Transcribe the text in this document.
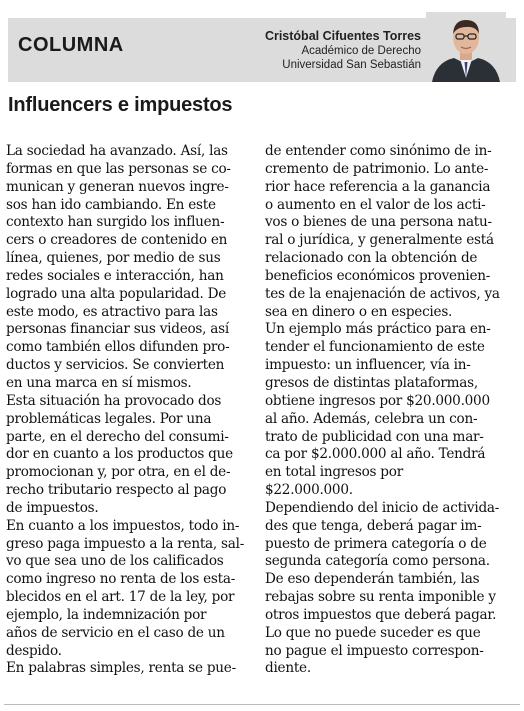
COLUMNA	Cristóbal Cifuentes Torres
Académico de Derecho
Universidad San Sebastián
Influencers e impuestos

La sociedad ha avanzado. Así, las
formas en que las personas se co-
munican y generan nuevos ingre-
sos han ido cambiando. En este
contexto han surgido los influen-
cers o creadores de contenido en
línea, quienes, por medio de sus
redes sociales e interacción, han
logrado una alta popularidad. De
este modo, es atractivo para las
personas financiar sus videos, así
como también ellos difunden pro-
ductos y servicios. Se convierten
en una marca en sí mismos.
Esta situación ha provocado dos
problemáticas legales. Por una
parte, en el derecho del consumi-
dor en cuanto a los productos que
promocionan y, por otra, en el de-
recho tributario respecto al pago
de impuestos.
En cuanto a los impuestos, todo in-
greso paga impuesto a la renta, sal-
vo que sea uno de los calificados
como ingreso no renta de los esta-
blecidos en el art. 17 de la ley, por
ejemplo, la indemnización por
años de servicio en el caso de un
despido.
En palabras simples, renta se pue-

de entender como sinónimo de in-
cremento de patrimonio. Lo ante-
rior hace referencia a la ganancia
o aumento en el valor de los acti-
vos o bienes de una persona natu-
ral o jurídica, y generalmente está
relacionado con la obtención de
beneficios económicos provenien-
tes de la enajenación de activos, ya
sea en dinero o en especies.
Un ejemplo más práctico para en-
tender el funcionamiento de este
impuesto: un influencer, vía in-
gresos de distintas plataformas,
obtiene ingresos por $20.000.000
al año. Además, celebra un con-
trato de publicidad con una mar-
ca por $2.000.000 al año. Tendrá
en total ingresos por
$22.000.000.
Dependiendo del inicio de activida-
des que tenga, deberá pagar im-
puesto de primera categoría o de
segunda categoría como persona.
De eso dependerán también, las
rebajas sobre su renta imponible y
otros impuestos que deberá pagar.
Lo que no puede suceder es que
no pague el impuesto correspon-
diente.
